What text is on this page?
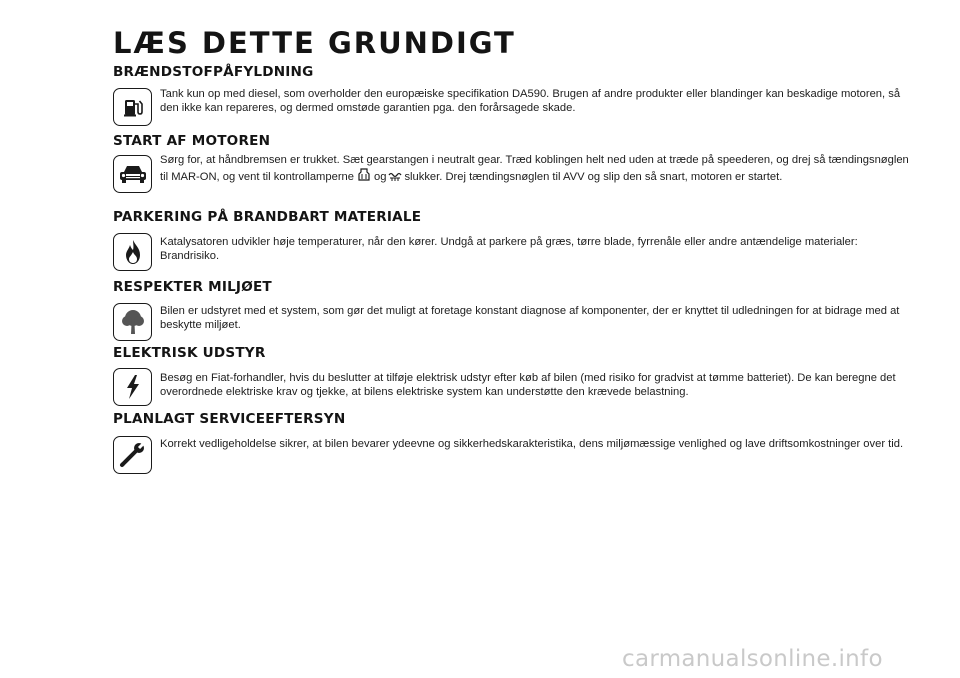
LÆS DETTE GRUNDIGT
BRÆNDSTOFPÅFYLDNING

Tank kun op med diesel, som overholder den europæiske specifikation DA590. Brugen af andre produkter eller blandinger kan beskadige motoren, så den ikke kan repareres, og dermed omstøde garantien pga. den forårsagede skade.

START AF MOTOREN

Sørg for, at håndbremsen er trukket. Sæt gearstangen i neutralt gear. Træd koblingen helt ned uden at træde på speederen, og drej så tændingsnøglen til MAR-ON, og vent til kontrollamperne og slukker. Drej tændingsnøglen til AVV og slip den så snart, motoren er startet.

PARKERING PÅ BRANDBART MATERIALE

Katalysatoren udvikler høje temperaturer, når den kører. Undgå at parkere på græs, tørre blade, fyrrenåle eller andre antændelige materialer: Brandrisiko.

RESPEKTER MILJØET

Bilen er udstyret med et system, som gør det muligt at foretage konstant diagnose af komponenter, der er knyttet til udledningen for at bidrage med at beskytte miljøet.

ELEKTRISK UDSTYR

Besøg en Fiat-forhandler, hvis du beslutter at tilføje elektrisk udstyr efter køb af bilen (med risiko for gradvist at tømme batteriet). De kan beregne det overordnede elektriske krav og tjekke, at bilens elektriske system kan understøtte den krævede belastning.

PLANLAGT SERVICEEFTERSYN

Korrekt vedligeholdelse sikrer, at bilen bevarer ydeevne og sikkerhedskarakteristika, dens miljømæssige venlighed og lave driftsomkostninger over tid.

carmanualsonline.info
